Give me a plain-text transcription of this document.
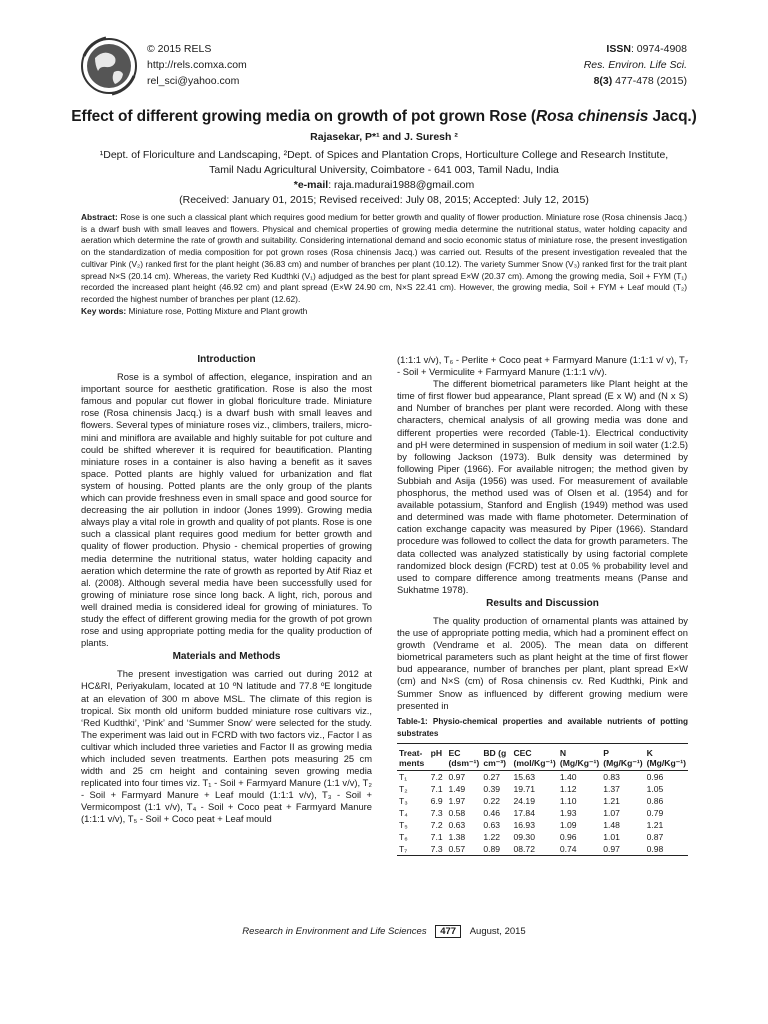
© 2015 RELS
http://rels.comxa.com
rel_sci@yahoo.com
ISSN: 0974-4908
Res. Environ. Life Sci.
8(3) 477-478 (2015)
Effect of different growing media on growth of pot grown Rose (Rosa chinensis Jacq.)
Rajasekar, P*¹ and J. Suresh ²
¹Dept. of Floriculture and Landscaping, ²Dept. of Spices and Plantation Crops, Horticulture College and Research Institute,
Tamil Nadu Agricultural University, Coimbatore - 641 003, Tamil Nadu, India
*e-mail: raja.madurai1988@gmail.com
(Received: January 01, 2015; Revised received: July 08, 2015; Accepted: July 12, 2015)
Abstract: Rose is one such a classical plant which requires good medium for better growth and quality of flower production. Miniature rose (Rosa chinensis Jacq.) is a dwarf bush with small leaves and flowers. Physical and chemical properties of growing media determine the nutritional status, water holding capacity and aeration which determine the rate of growth and suitability. Considering international demand and socio economic status of miniature rose, the present investigation on the standardization of media composition for pot grown roses (Rosa chinensis Jacq.) was carried out. Results of the present investigation revealed that the cultivar Pink (V₂) ranked first for the plant height (36.83 cm) and number of branches per plant (10.12). The variety Summer Snow (V₃) ranked first for the trait plant spread N×S (20.14 cm). Whereas, the variety Red Kudthki (V₁) adjudged as the best for plant spread E×W (20.37 cm). Among the growing media, Soil + FYM (T₁) recorded the increased plant height (46.92 cm) and plant spread (E×W 24.90 cm, N×S 22.41 cm). However, the growing media, Soil + FYM + Leaf mould (T₂) recorded the highest number of branches per plant (12.62).
Key words: Miniature rose, Potting Mixture and Plant growth
Introduction

Rose is a symbol of affection, elegance, inspiration and an important source for aesthetic gratification. Rose is also the most famous and popular cut flower in global floriculture trade. Miniature rose (Rosa chinensis Jacq.) is a dwarf bush with small leaves and flowers. Several types of miniature roses viz., climbers, trailers, micro-mini and miniflora are available and highly suitable for pot culture and could be shifted wherever it is required for beautification. Planting miniature roses in a container is also having a benefit as it saves space. Potted plants are highly valued for urbanization and flat system of housing. Potted plants are the only group of the plants which can provide freshness even in small space and good source for decreasing the air pollution in indoor (Jones 1999). Growing media always play a vital role in growth and quality of pot plants. Rose is one such a classical plant requires good medium for better growth and quality of flower production. Physio - chemical properties of growing media determine the nutritional status, water holding capacity and aeration which determine the rate of growth as reported by Atif Riaz et al. (2008). Although several media have been successfully used for growing of miniature rose since long back. A light, rich, porous and well drained media is considered ideal for growing of miniatures. To study the effect of different growing media for the growth of pot grown rose and using appropriate potting media for the quality production of plants.

Materials and Methods

The present investigation was carried out during 2012 at HC&RI, Periyakulam, located at 10 ºN latitude and 77.8 ºE longitude at an elevation of 300 m above MSL. The climate of this region is tropical. Six month old uniform budded miniature rose cultivars viz., ‘Red Kudthki’, ‘Pink’ and ‘Summer Snow’ were selected for the study. The experiment was laid out in FCRD with two factors viz., Factor I as cultivar which included three varieties and Factor II as growing media which included seven treatments. Earthen pots measuring 25 cm width and 25 cm height and containing seven growing media replicated into four times viz. T₁ - Soil + Farmyard Manure (1:1 v/v), T₂ - Soil + Farmyard Manure + Leaf mould (1:1:1 v/v), T₃ - Soil + Vermicompost (1:1 v/v), T₄ - Soil + Coco peat + Farmyard Manure (1:1:1 v/v), T₅ - Soil + Coco peat + Leaf mould

(1:1:1 v/v), T₆ - Perlite + Coco peat + Farmyard Manure (1:1:1 v/ v), T₇ - Soil + Vermiculite + Farmyard Manure (1:1:1 v/v).

The different biometrical parameters like Plant height at the time of first flower bud appearance, Plant spread (E x W) and (N x S) and Number of branches per plant were recorded. Along with these characters, chemical analysis of all growing media was done and different properties were recorded (Table-1). Electrical conductivity and pH were determined in suspension of medium in soil water (1:2.5) by following Jackson (1973). Bulk density was determined by following Piper (1966). For available nitrogen; the method given by Subbiah and Asija (1956) was used. For measurement of available phosphorus, the method used was of Olsen et al. (1954) and for available potassium, Stanford and English (1949) method was used and determined was made with flame photometer. Determination of cation exchange capacity was measured by Piper (1966). Standard procedure was followed to collect the data for growth parameters. The data collected was analyzed statistically by using factorial complete randomized block design (FCRD) test at 0.05 % probability level and used to compare difference among treatments means (Panse and Sukhatme 1978).

Results and Discussion

The quality production of ornamental plants was attained by the use of appropriate potting media, which had a prominent effect on growth (Vendrame et al. 2005). The mean data on different biometrical parameters such as plant height at the time of first flower bud appearance, number of branches per plant, plant spread E×W (cm) and N×S (cm) of Rosa chinensis cv. Red Kudthki, Pink and Summer Snow as influenced by different growing medium were presented in

Table-1: Physio-chemical properties and available nutrients of potting substrates
Treat-ments	pH	EC (dsm⁻¹)	BD (g cm⁻³)	CEC (mol/Kg⁻¹)	N (Mg/Kg⁻¹)	P (Mg/Kg⁻¹)	K (Mg/Kg⁻¹)
T₁	7.2	0.97	0.27	15.63	1.40	0.83	0.96
T₂	7.1	1.49	0.39	19.71	1.12	1.37	1.05
T₃	6.9	1.97	0.22	24.19	1.10	1.21	0.86
T₄	7.3	0.58	0.46	17.84	1.93	1.07	0.79
T₅	7.2	0.63	0.63	16.93	1.09	1.48	1.21
T₆	7.1	1.38	1.22	09.30	0.96	1.01	0.87
T₇	7.3	0.57	0.89	08.72	0.74	0.97	0.98
Research in Environment and Life Sciences 477 August, 2015
